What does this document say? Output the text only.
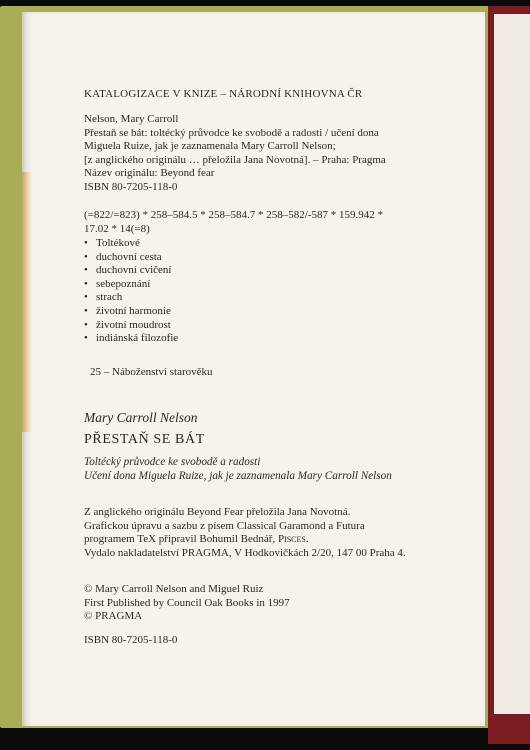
KATALOGIZACE V KNIZE – NÁRODNÍ KNIHOVNA ČR
Nelson, Mary Carroll
Přestaň se bát: toltécký průvodce ke svobodě a radosti / učení dona
Miguela Ruize, jak je zaznamenala Mary Carroll Nelson;
[z anglického originálu … přeložila Jana Novotná]. – Praha: Pragma
Název originálu: Beyond fear
ISBN 80-7205-118-0
(=822/=823) * 258–584.5 * 258–584.7 * 258–582/-587 * 159.942 *
17.02 * 14(=8)
• Toltékové
• duchovní cesta
• duchovní cvičení
• sebepoznání
• strach
• životní harmonie
• životní moudrost
• indiánská filozofie
25 – Náboženství starověku
Mary Carroll Nelson
PŘESTAŇ SE BÁT
Toltécký průvodce ke svobodě a radosti
Učení dona Miguela Ruize, jak je zaznamenala Mary Carroll Nelson
Z anglického originálu Beyond Fear přeložila Jana Novotná.
Grafickou úpravu a sazbu z písem Classical Garamond a Futura
programem TeX připravil Bohumil Bednář, Pisces.
Vydalo nakladatelství PRAGMA, V Hodkovičkách 2/20, 147 00 Praha 4.
© Mary Carroll Nelson and Miguel Ruiz
First Published by Council Oak Books in 1997
© PRAGMA
ISBN 80-7205-118-0
